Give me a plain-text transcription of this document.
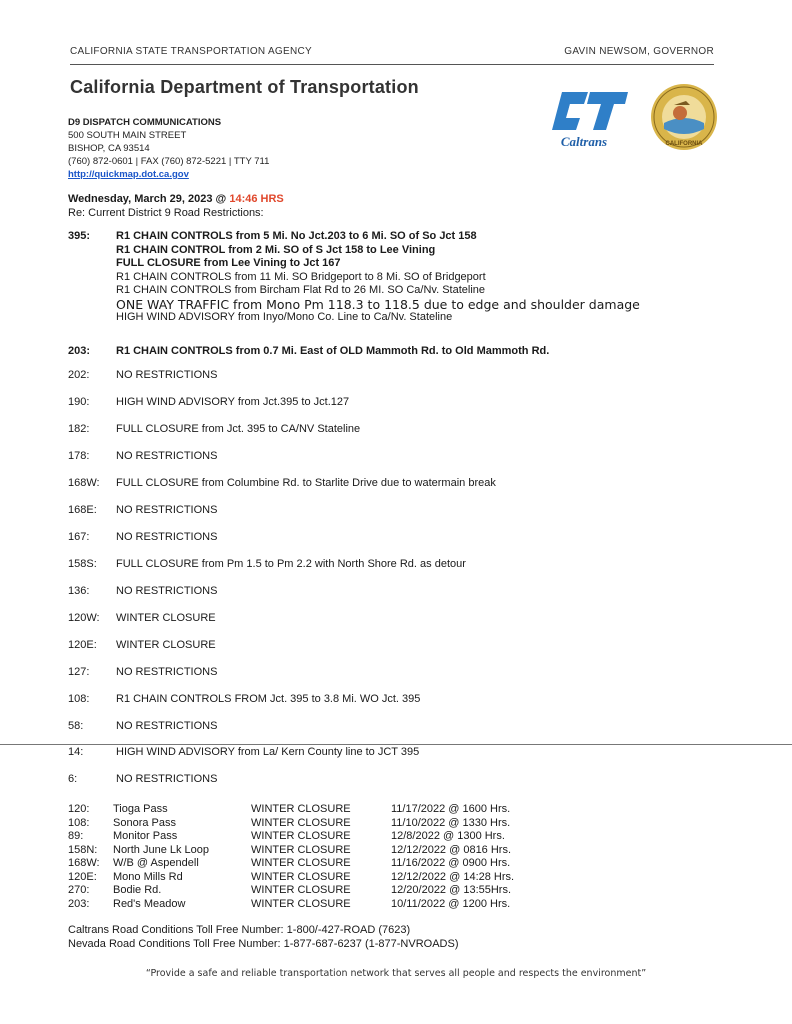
CALIFORNIA STATE TRANSPORTATION AGENCY	GAVIN NEWSOM, GOVERNOR
California Department of Transportation
D9 DISPATCH COMMUNICATIONS
500 SOUTH MAIN STREET
BISHOP, CA 93514
(760) 872-0601 | FAX (760) 872-5221 | TTY 711
http://quickmap.dot.ca.gov
Caltrans	CALIFORNIA
Wednesday, March 29, 2023 @ 14:46 HRS
Re: Current District 9 Road Restrictions:
395:	R1 CHAIN CONTROLS from 5 Mi. No Jct.203 to 6 Mi. SO of So Jct 158
R1 CHAIN CONTROL from 2 Mi. SO of S Jct 158 to Lee Vining
FULL CLOSURE from Lee Vining to Jct 167
R1 CHAIN CONTROLS from 11 Mi. SO Bridgeport to 8 Mi. SO of Bridgeport
R1 CHAIN CONTROLS from Bircham Flat Rd to 26 MI. SO Ca/Nv. Stateline
ONE WAY TRAFFIC from Mono Pm 118.3 to 118.5 due to edge and shoulder damage
HIGH WIND ADVISORY from Inyo/Mono Co. Line to Ca/Nv. Stateline
203:	R1 CHAIN CONTROLS from 0.7 Mi. East of OLD Mammoth Rd. to Old Mammoth Rd.
202:	NO RESTRICTIONS
190:	HIGH WIND ADVISORY from Jct.395 to Jct.127
182:	FULL CLOSURE from Jct. 395 to CA/NV Stateline
178:	NO RESTRICTIONS
168W:	FULL CLOSURE from Columbine Rd. to Starlite Drive due to watermain break
168E:	NO RESTRICTIONS
167:	NO RESTRICTIONS
158S:	FULL CLOSURE from Pm 1.5 to Pm 2.2 with North Shore Rd. as detour
136:	NO RESTRICTIONS
120W:	WINTER CLOSURE
120E:	WINTER CLOSURE
127:	NO RESTRICTIONS
108:	R1 CHAIN CONTROLS FROM Jct. 395 to 3.8 Mi. WO Jct. 395
58:	NO RESTRICTIONS
14:	HIGH WIND ADVISORY from La/ Kern County line to JCT 395
6:	NO RESTRICTIONS
120:	Tioga Pass	WINTER CLOSURE	11/17/2022 @ 1600 Hrs.
108:	Sonora Pass	WINTER CLOSURE	11/10/2022 @ 1330 Hrs.
89:	Monitor Pass	WINTER CLOSURE	12/8/2022 @ 1300 Hrs.
158N:	North June Lk Loop	WINTER CLOSURE	12/12/2022 @ 0816 Hrs.
168W:	W/B @ Aspendell	WINTER CLOSURE	11/16/2022 @ 0900 Hrs.
120E:	Mono Mills Rd	WINTER CLOSURE	12/12/2022 @ 14:28 Hrs.
270:	Bodie Rd.	WINTER CLOSURE	12/20/2022 @ 13:55Hrs.
203:	Red's Meadow	WINTER CLOSURE	10/11/2022 @ 1200 Hrs.
Caltrans Road Conditions Toll Free Number: 1-800/-427-ROAD (7623)
Nevada Road Conditions Toll Free Number: 1-877-687-6237 (1-877-NVROADS)
“Provide a safe and reliable transportation network that serves all people and respects the environment”
